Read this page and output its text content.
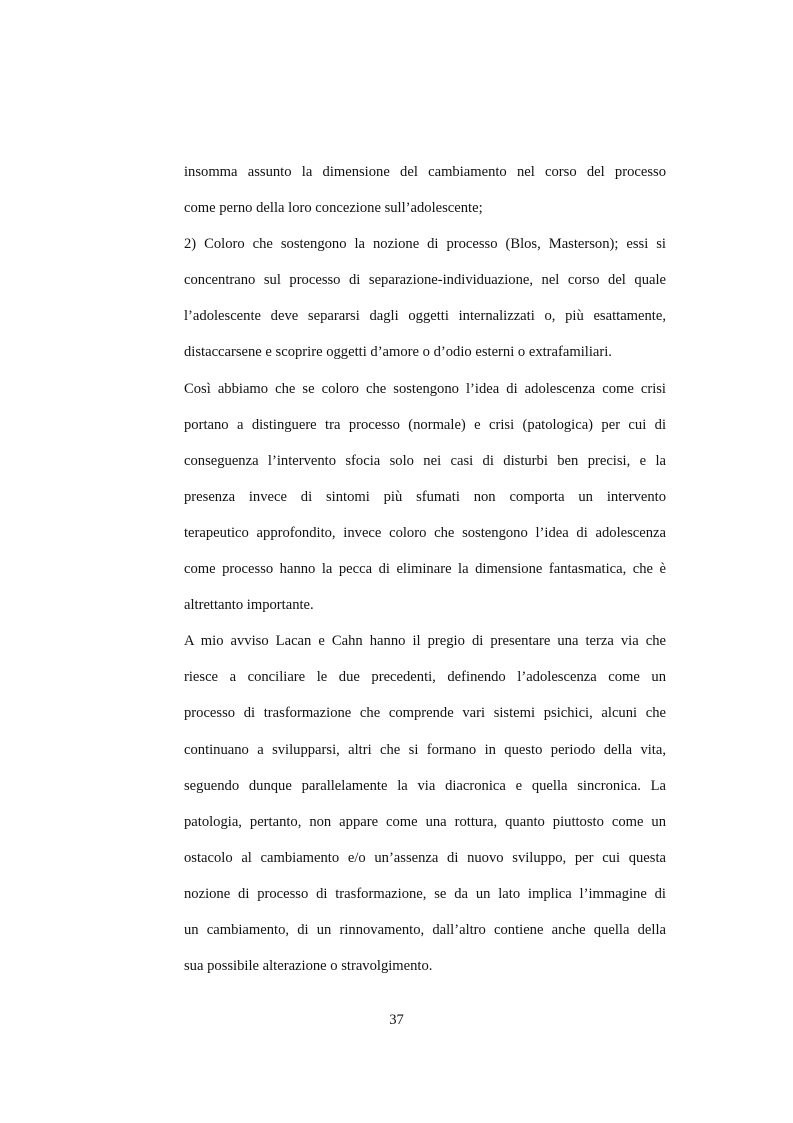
insomma assunto la dimensione del cambiamento nel corso del processo
come perno della loro concezione sull’adolescente;
2) Coloro che sostengono la nozione di processo (Blos, Masterson); essi si
concentrano sul processo di separazione-individuazione, nel corso del quale
l’adolescente deve separarsi dagli oggetti internalizzati o, più esattamente,
distaccarsene e scoprire oggetti d’amore o d’odio esterni o extrafamiliari.
Così abbiamo che se coloro che sostengono l’idea di adolescenza come crisi
portano a distinguere tra processo (normale) e crisi (patologica) per cui di
conseguenza l’intervento sfocia solo nei casi di disturbi ben precisi, e la
presenza invece di sintomi più sfumati non comporta un intervento
terapeutico approfondito, invece coloro che sostengono l’idea di adolescenza
come processo hanno la pecca di eliminare la dimensione fantasmatica, che è
altrettanto importante.
A mio avviso Lacan e Cahn hanno il pregio di presentare una terza via che
riesce a conciliare le due precedenti, definendo l’adolescenza come un
processo di trasformazione che comprende vari sistemi psichici, alcuni che
continuano a svilupparsi, altri che si formano in questo periodo della vita,
seguendo dunque parallelamente la via diacronica e quella sincronica. La
patologia, pertanto, non appare come una rottura, quanto piuttosto come un
ostacolo al cambiamento e/o un’assenza di nuovo sviluppo, per cui questa
nozione di processo di trasformazione, se da un lato implica l’immagine di
un cambiamento, di un rinnovamento, dall’altro contiene anche quella della
sua possibile alterazione o stravolgimento.
37
